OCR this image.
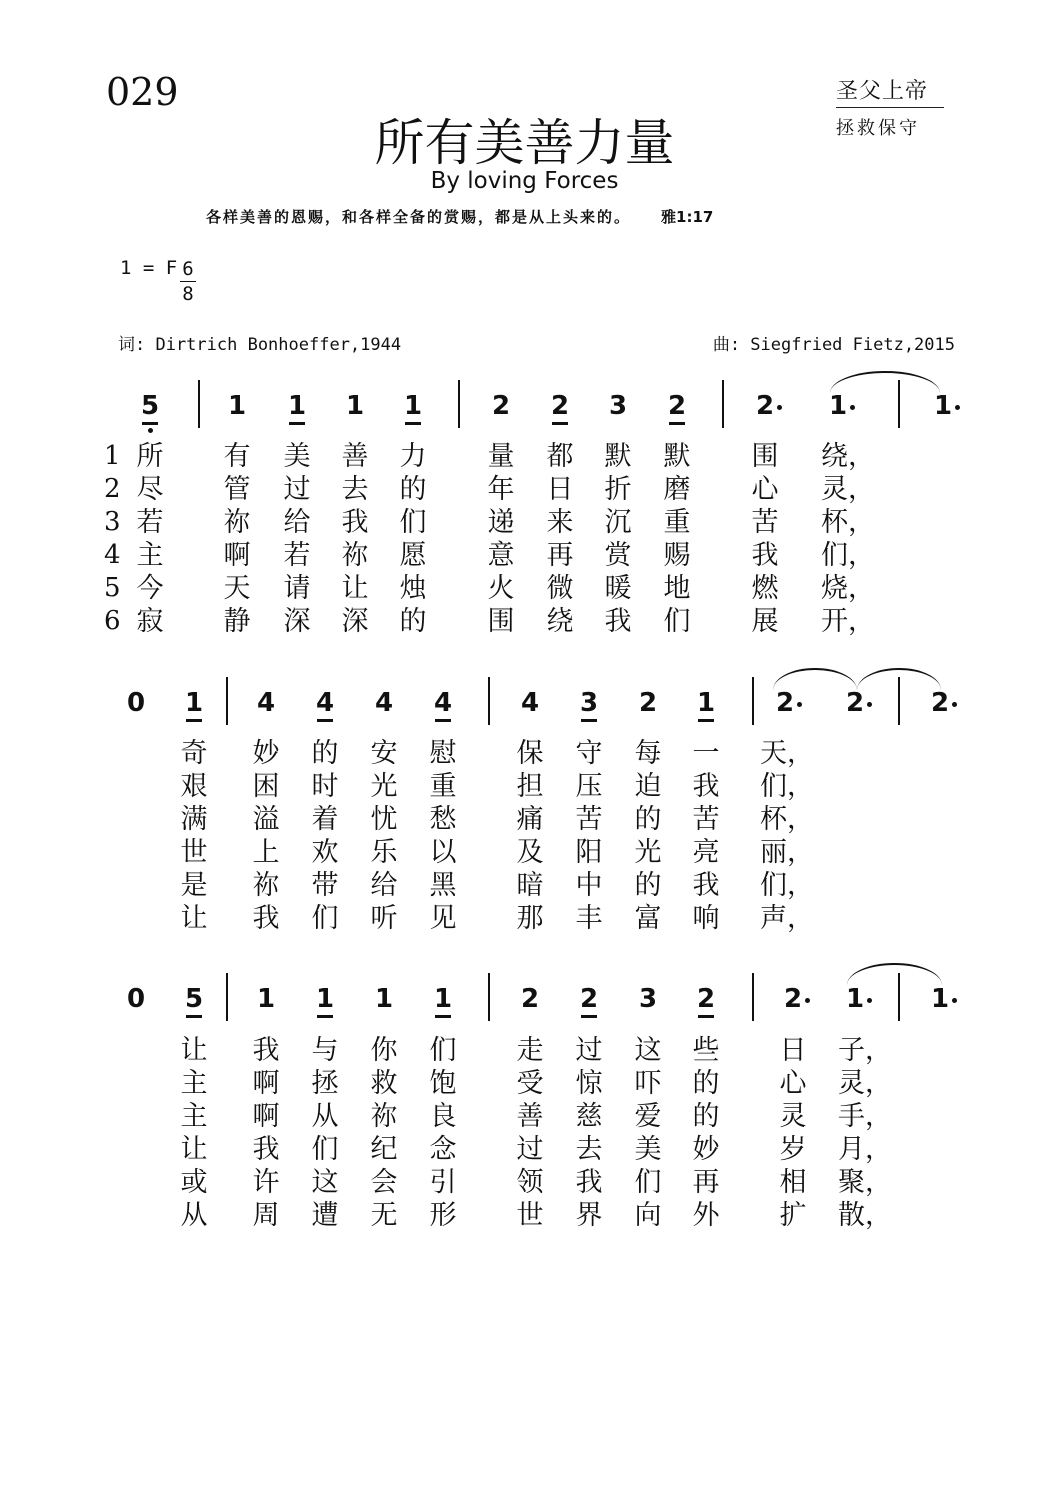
029	圣父上帝
拯救保守
所有美善力量
By loving Forces
各样美善的恩赐，和各样全备的赏赐，都是从上头来的。 雅1:17
1 = F $\frac{6}{8}$
词: Dirtrich Bonhoeffer,1944	曲: Siegfried Fietz,2015
5	1 1 1 1	2 2 3 2	2 1	1
1 所 有 美 善 力 量 都 默 默 围 绕，
2 尽 管 过 去 的 年 日 折 磨 心 灵，
3 若 祢 给 我 们 递 来 沉 重 苦 杯，
4 主 啊 若 祢 愿 意 再 赏 赐 我 们，
5 今 天 请 让 烛 火 微 暖 地 燃 烧，
6 寂 静 深 深 的 围 绕 我 们 展 开，
0 1 4 4 4 4	4 3 2 1 2 2	2
奇 妙 的 安 慰 保 守 每 一 天，
艰 困 时 光 重 担 压 迫 我 们，
满 溢 着 忧 愁 痛 苦 的 苦 杯，
世 上 欢 乐 以 及 阳 光 亮 丽，
是 祢 带 给 黑 暗 中 的 我 们，
让 我 们 听 见 那 丰 富 响 声，
0 5 1 1 1 1	2 2 3 2	2 1	1
让 我 与 你 们 走 过 这 些 日 子，
主 啊 拯 救 饱 受 惊 吓 的 心 灵，
主 啊 从 祢 良 善 慈 爱 的 灵 手，
让 我 们 纪 念 过 去 美 妙 岁 月，
或 许 这 会 引 领 我 们 再 相 聚，
从 周 遭 无 形 世 界 向 外 扩 散，
